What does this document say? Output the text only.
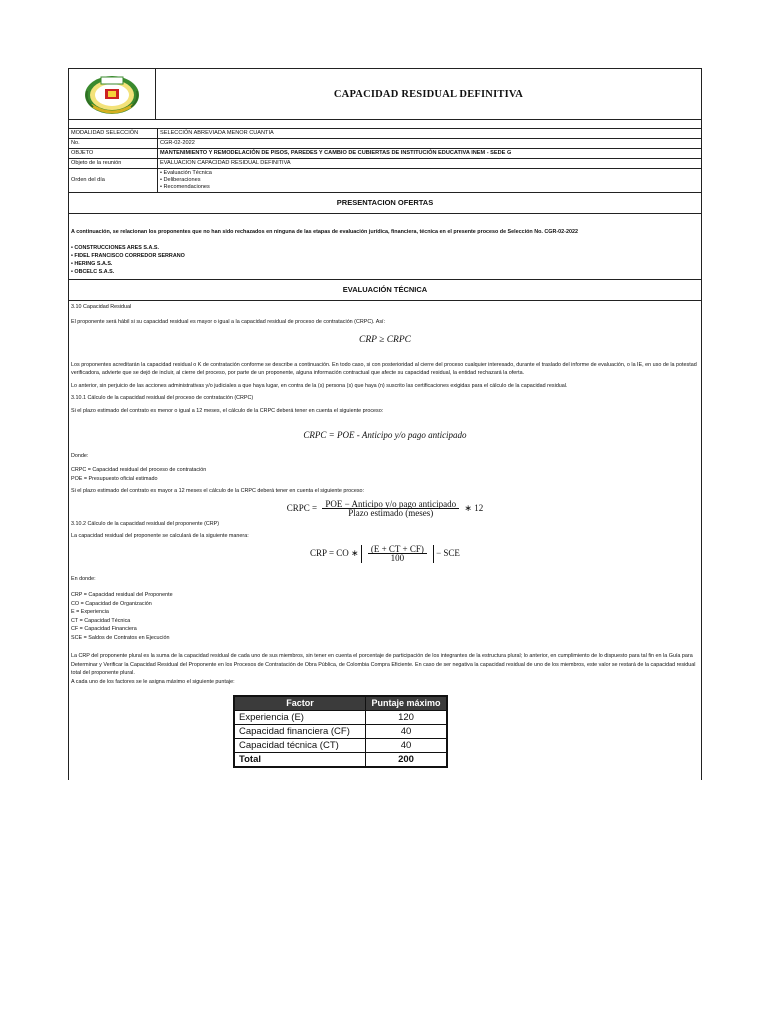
CAPACIDAD RESIDUAL DEFINITIVA
MODALIDAD SELECCIÓN	SELECCIÓN ABREVIADA MENOR CUANTIA
No.	CGR-02-2022
OBJETO	MANTENIMIENTO Y REMODELACIÓN DE PISOS, PAREDES Y CAMBIO DE CUBIERTAS DE INSTITUCIÓN EDUCATIVA INEM - SEDE G
Objeto de la reunión	EVALUACION CAPACIDAD RESIDUAL DEFINITIVA
Orden del día	• Evaluación Técnica
• Deliberaciones
• Recomendaciones
PRESENTACION OFERTAS

A continuación, se relacionan los proponentes que no han sido rechazados en ninguna de las etapas de evaluación jurídica, financiera, técnica en el presente proceso de Selección No. CGR-02-2022

• CONSTRUCCIONES ARES S.A.S.

• FIDEL FRANCISCO CORREDOR SERRANO

• HERING S.A.S.

• OBCELC S.A.S.

EVALUACIÓN TÉCNICA

3.10 Capacidad Residual

El proponente será hábil si su capacidad residual es mayor o igual a la capacidad residual de proceso de contratación (CRPC). Así:

CRP ≥ CRPC

Los proponentes acreditarán la capacidad residual o K de contratación conforme se describe a continuación. En todo caso, si con posterioridad al cierre del proceso cualquier interesado, durante el traslado del informe de evaluación, o la IE, en uso de la potestad verificadora, advierte que se dejó de incluir, al cierre del proceso, por parte de un proponente, alguna información contractual que afecte su capacidad residual, la entidad rechazará la oferta.

Lo anterior, sin perjuicio de las acciones administrativas y/o judiciales a que haya lugar, en contra de la (s) persona (s) que haya (n) suscrito las certificaciones exigidas para el cálculo de la capacidad residual.

3.10.1 Cálculo de la capacidad residual del proceso de contratación (CRPC)

Si el plazo estimado del contrato es menor o igual a 12 meses, el cálculo de la CRPC deberá tener en cuenta el siguiente proceso:

CRPC = POE - Anticipo y/o pago anticipado

Donde:

CRPC = Capacidad residual del proceso de contratación

POE = Presupuesto oficial estimado

Si el plazo estimado del contrato es mayor a 12 meses el cálculo de la CRPC deberá tener en cuenta el siguiente proceso:

CRPC = $\frac{\text{POE − Anticipo y/o pago anticipado}}{\text{Plazo estimado (meses)}}$ ∗ 12

3.10.2 Cálculo de la capacidad residual del proponente (CRP)

La capacidad residual del proponente se calculará de la siguiente manera:

CRP = CO ∗ $\frac{(E + CT + CF)}{100}$ − SCE

En donde:

CRP = Capacidad residual del Proponente

CO = Capacidad de Organización

E = Experiencia

CT = Capacidad Técnica

CF = Capacidad Financiera

SCE = Saldos de Contratos en Ejecución

La CRP del proponente plural es la suma de la capacidad residual de cada uno de sus miembros, sin tener en cuenta el porcentaje de participación de los integrantes de la estructura plural; lo anterior, en cumplimiento de lo dispuesto para tal fin en la Guía para Determinar y Verificar la Capacidad Residual del Proponente en los Procesos de Contratación de Obra Pública, de Colombia Compra Eficiente. En caso de ser negativa la capacidad residual de uno de los miembros, este valor se restará de la capacidad residual total del proponente plural.

A cada uno de los factores se le asigna máximo el siguiente puntaje:

Factor	Puntaje máximo
Experiencia (E)	120
Capacidad financiera (CF)	40
Capacidad técnica (CT)	40
Total	200
